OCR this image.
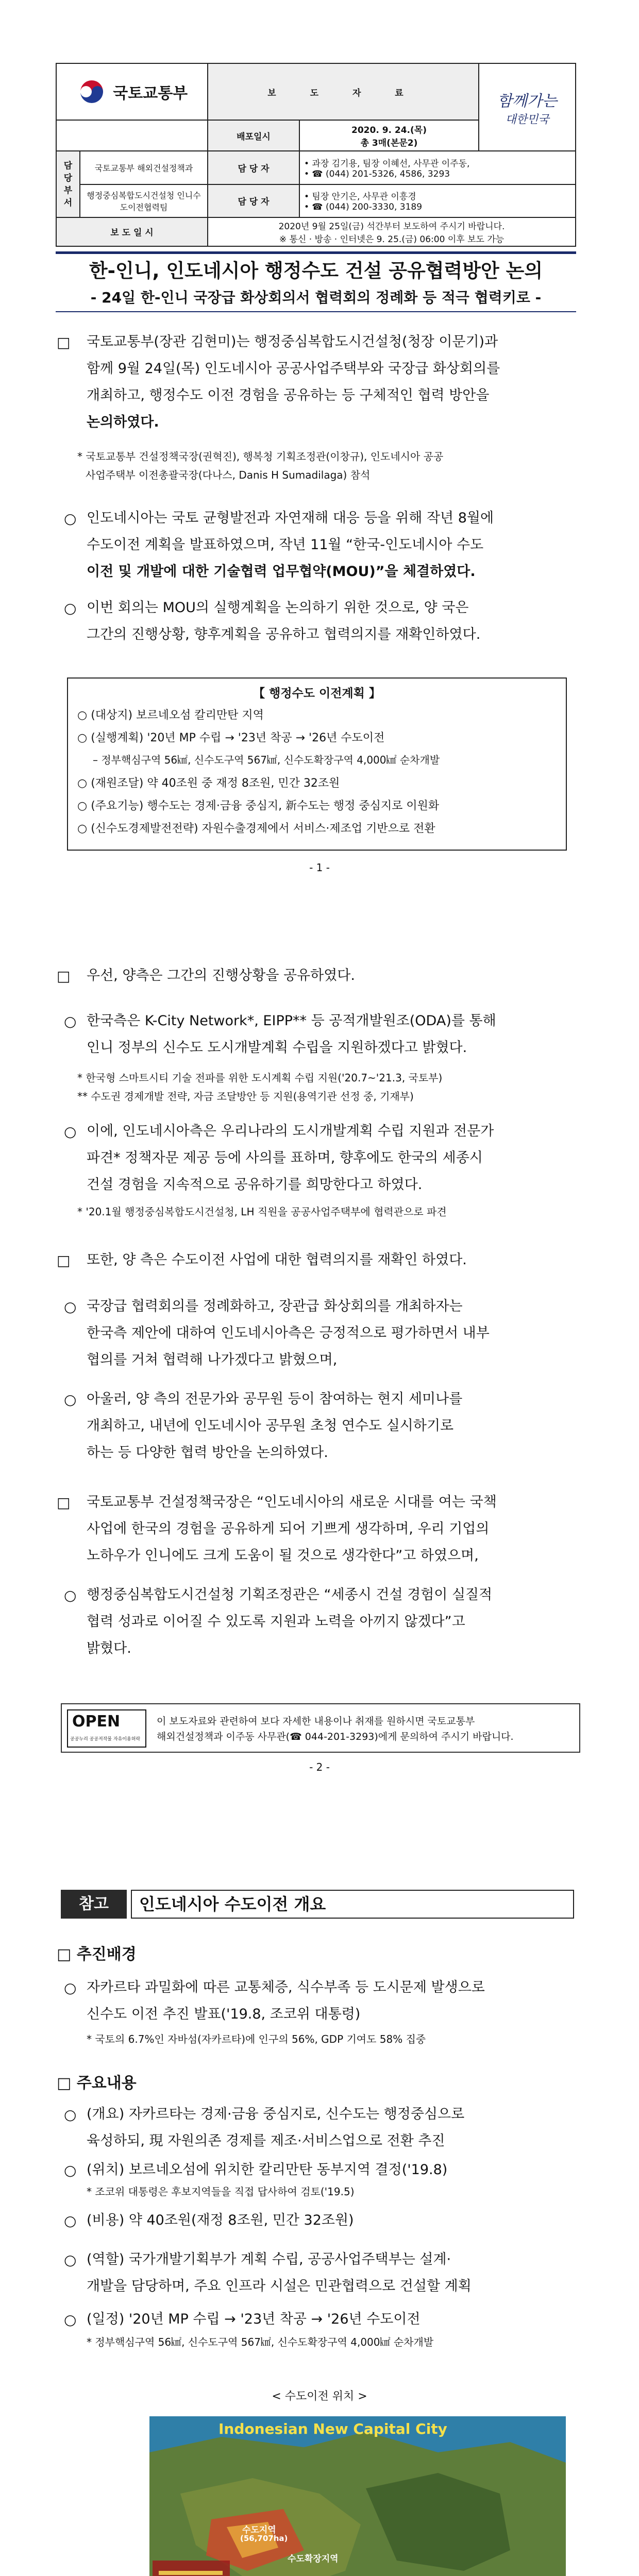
국토교통부		보 도 자 료		함께가는
대한민국

		배포일시	2020. 9. 24.(목)
총 3매(본문2)	

담당 부서	국토교통부 해외건설정책과	담 당 자	• 과장 김기용, 팀장 이혜선, 사무관 이주동,
• ☎ (044) 201-5326, 4586, 3293	

	행정중심복합도시건설청 인니수도이전협력팀	담 당 자	• 팀장 안기은, 사무관 이흥경
• ☎ (044) 200-3330, 3189	

보 도 일 시		2020년 9월 25일(금) 석간부터 보도하여 주시기 바랍니다.
※ 통신 · 방송 · 인터넷은 9. 25.(금) 06:00 이후 보도 가능		
한-인니, 인도네시아 행정수도 건설 공유협력방안 논의
- 24일 한-인니 국장급 화상회의서 협력회의 정례화 등 적극 협력키로 -
□ 국토교통부(장관 김현미)는 행정중심복합도시건설청(청장 이문기)과

함께 9월 24일(목) 인도네시아 공공사업주택부와 국장급 화상회의를

개최하고, 행정수도 이전 경험을 공유하는 등 구체적인 협력 방안을

논의하였다.

* 국토교통부 건설정책국장(권혁진), 행복청 기획조정관(이창규), 인도네시아 공공

사업주택부 이전총괄국장(다나스, Danis H Sumadilaga) 참석

○ 인도네시아는 국토 균형발전과 자연재해 대응 등을 위해 작년 8월에

수도이전 계획을 발표하였으며, 작년 11월 “한국-인도네시아 수도

이전 및 개발에 대한 기술협력 업무협약(MOU)”을 체결하였다.

○ 이번 회의는 MOU의 실행계획을 논의하기 위한 것으로, 양 국은

그간의 진행상황, 향후계획을 공유하고 협력의지를 재확인하였다.

【 행정수도 이전계획 】
○ (대상지) 보르네오섬 칼리만탄 지역
○ (실행계획) '20년 MP 수립 → '23년 착공 → '26년 수도이전
– 정부핵심구역 56㎢, 신수도구역 567㎢, 신수도확장구역 4,000㎢ 순차개발
○ (재원조달) 약 40조원 중 재정 8조원, 민간 32조원
○ (주요기능) 행수도는 경제·금융 중심지, 新수도는 행정 중심지로 이원화
○ (신수도경제발전전략) 자원수출경제에서 서비스·제조업 기반으로 전환
- 1 -
□ 우선, 양측은 그간의 진행상황을 공유하였다.
○ 한국측은 K-City Network*, EIPP** 등 공적개발원조(ODA)를 통해

인니 정부의 신수도 도시개발계획 수립을 지원하겠다고 밝혔다.

* 한국형 스마트시티 기술 전파를 위한 도시계획 수립 지원('20.7~'21.3, 국토부)

** 수도권 경제개발 전략, 자금 조달방안 등 지원(용역기관 선정 중, 기재부)

○ 이에, 인도네시아측은 우리나라의 도시개발계획 수립 지원과 전문가

파견* 정책자문 제공 등에 사의를 표하며, 향후에도 한국의 세종시

건설 경험을 지속적으로 공유하기를 희망한다고 하였다.

* '20.1월 행정중심복합도시건설청, LH 직원을 공공사업주택부에 협력관으로 파견
□ 또한, 양 측은 수도이전 사업에 대한 협력의지를 재확인 하였다.
○ 국장급 협력회의를 정례화하고, 장관급 화상회의를 개최하자는

한국측 제안에 대하여 인도네시아측은 긍정적으로 평가하면서 내부

협의를 거쳐 협력해 나가겠다고 밝혔으며,

○ 아울러, 양 측의 전문가와 공무원 등이 참여하는 현지 세미나를

개최하고, 내년에 인도네시아 공무원 초청 연수도 실시하기로

하는 등 다양한 협력 방안을 논의하였다.

□ 국토교통부 건설정책국장은 “인도네시아의 새로운 시대를 여는 국책

사업에 한국의 경험을 공유하게 되어 기쁘게 생각하며, 우리 기업의

노하우가 인니에도 크게 도움이 될 것으로 생각한다”고 하였으며,

○ 행정중심복합도시건설청 기획조정관은 “세종시 건설 경험이 실질적

협력 성과로 이어질 수 있도록 지원과 노력을 아끼지 않겠다”고

밝혔다.

OPEN
공공누리 공공저작물 자유이용허락

이 보도자료와 관련하여 보다 자세한 내용이나 취재를 원하시면 국토교통부

해외건설정책과 이주동 사무관(☎ 044-201-3293)에게 문의하여 주시기 바랍니다.

- 2 -
참고	인도네시아 수도이전 개요
□ 추진배경
○ 자카르타 과밀화에 따른 교통체증, 식수부족 등 도시문제 발생으로

신수도 이전 추진 발표('19.8, 조코위 대통령)

* 국토의 6.7%인 자바섬(자카르타)에 인구의 56%, GDP 기여도 58% 집중
□ 주요내용
○ (개요) 자카르타는 경제·금융 중심지로, 신수도는 행정중심으로

육성하되, 現 자원의존 경제를 제조·서비스업으로 전환 추진

○ (위치) 보르네오섬에 위치한 칼리만탄 동부지역 결정('19.8)
* 조코위 대통령은 후보지역들을 직접 답사하여 검토('19.5)
○ (비용) 약 40조원(재정 8조원, 민간 32조원)
○ (역할) 국가개발기획부가 계획 수립, 공공사업주택부는 설계·

개발을 담당하며, 주요 인프라 시설은 민관협력으로 건설할 계획

○ (일정) '20년 MP 수립 → '23년 착공 → '26년 수도이전
* 정부핵심구역 56㎢, 신수도구역 567㎢, 신수도확장구역 4,000㎢ 순차개발
< 수도이전 위치 >
Indonesian New Capital City
수도지역
(56,707ha)
수도확장지역
